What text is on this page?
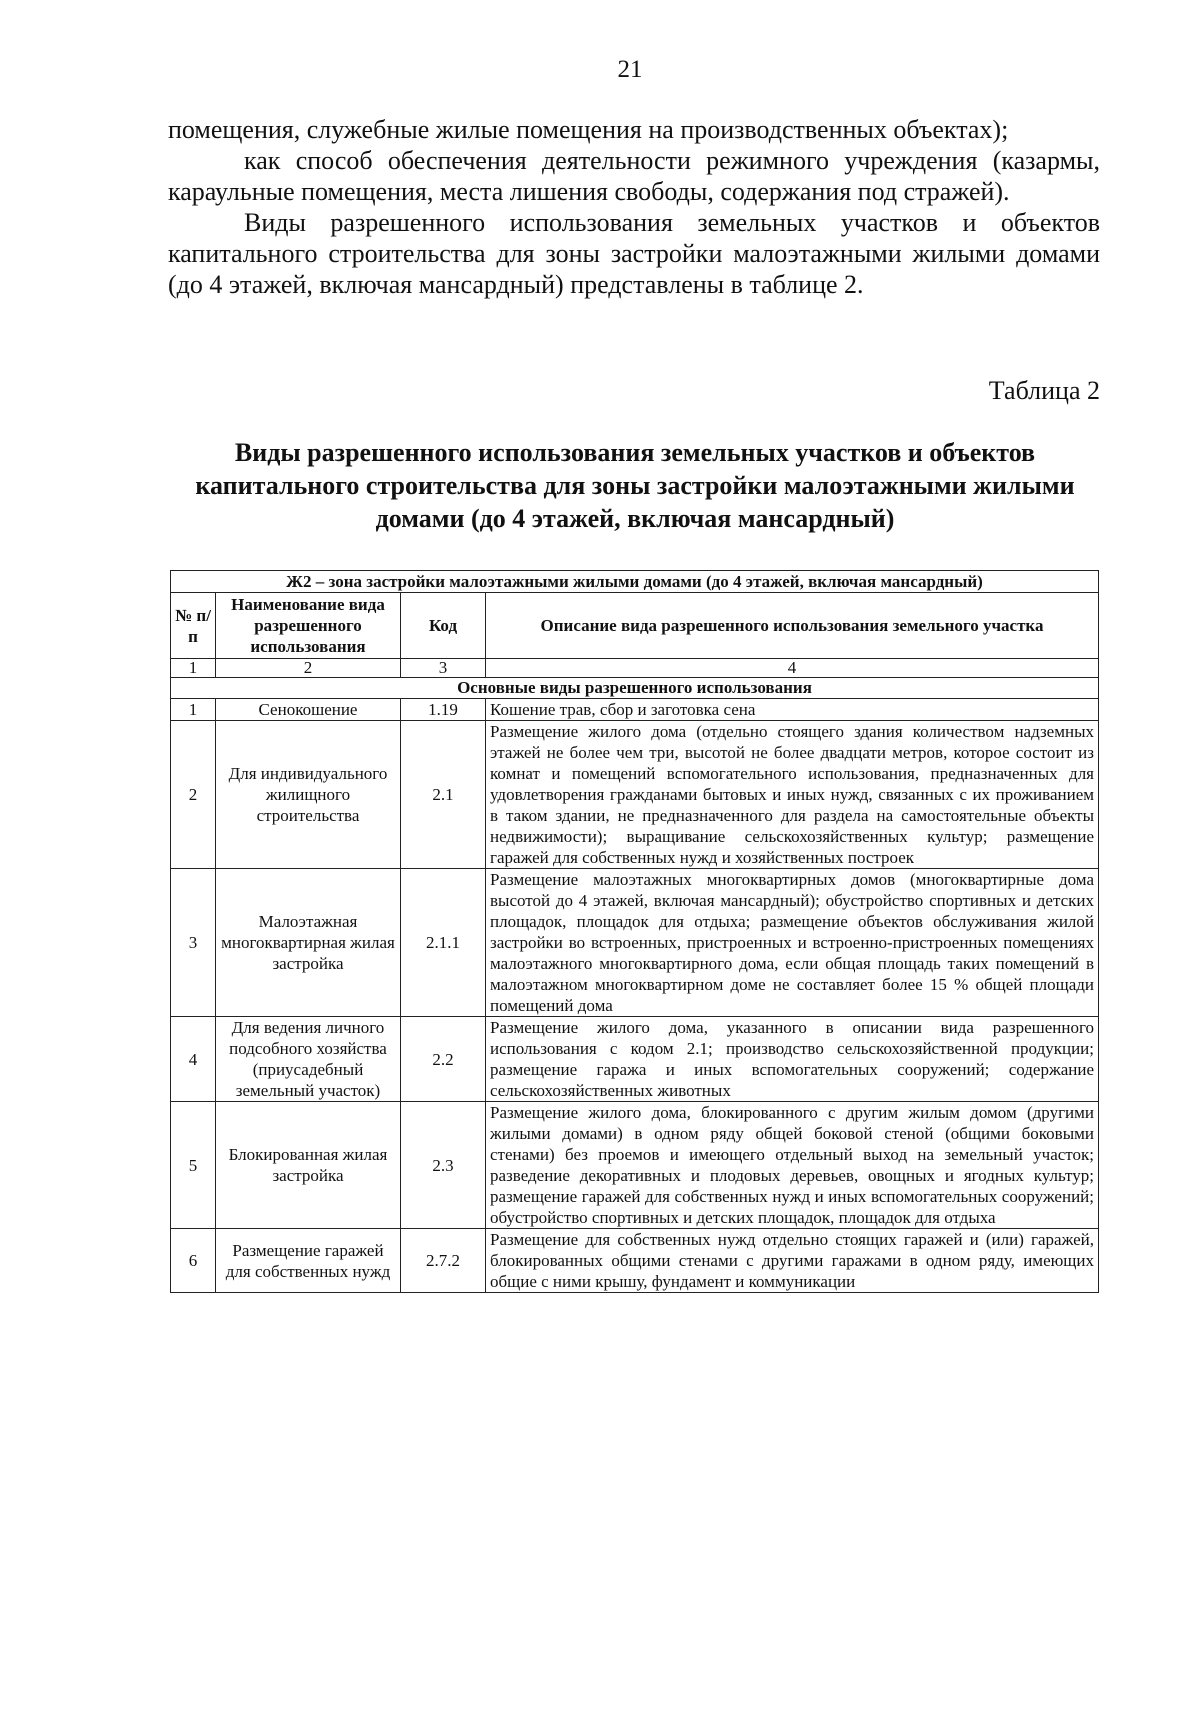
21

помещения, служебные жилые помещения на производственных объектах);

как способ обеспечения деятельности режимного учреждения (казармы, караульные помещения, места лишения свободы, содержания под стражей).

Виды разрешенного использования земельных участков и объектов капитального строительства для зоны застройки малоэтажными жилыми домами (до 4 этажей, включая мансардный) представлены в таблице 2.

Таблица 2
Виды разрешенного использования земельных участков и объектов капитального строительства для зоны застройки малоэтажными жилыми домами (до 4 этажей, включая мансардный)
Ж2 – зона застройки малоэтажными жилыми домами (до 4 этажей, включая мансардный)			
№ п/п	Наименование вида разрешенного использования	Код	Описание вида разрешенного использования земельного участка
1	2	3	4
Основные виды разрешенного использования			
1	Сенокошение	1.19	Кошение трав, сбор и заготовка сена
2	Для индивидуального жилищного строительства	2.1	Размещение жилого дома (отдельно стоящего здания количеством надземных этажей не более чем три, высотой не более двадцати метров, которое состоит из комнат и помещений вспомогательного использования, предназначенных для удовлетворения гражданами бытовых и иных нужд, связанных с их проживанием в таком здании, не предназначенного для раздела на самостоятельные объекты недвижимости); выращивание сельскохозяйственных культур; размещение гаражей для собственных нужд и хозяйственных построек
3	Малоэтажная многоквартирная жилая застройка	2.1.1	Размещение малоэтажных многоквартирных домов (многоквартирные дома высотой до 4 этажей, включая мансардный); обустройство спортивных и детских площадок, площадок для отдыха; размещение объектов обслуживания жилой застройки во встроенных, пристроенных и встроенно-пристроенных помещениях малоэтажного многоквартирного дома, если общая площадь таких помещений в малоэтажном многоквартирном доме не составляет более 15 % общей площади помещений дома
4	Для ведения личного подсобного хозяйства (приусадебный земельный участок)	2.2	Размещение жилого дома, указанного в описании вида разрешенного использования с кодом 2.1; производство сельскохозяйственной продукции; размещение гаража и иных вспомогательных сооружений; содержание сельскохозяйственных животных
5	Блокированная жилая застройка	2.3	Размещение жилого дома, блокированного с другим жилым домом (другими жилыми домами) в одном ряду общей боковой стеной (общими боковыми стенами) без проемов и имеющего отдельный выход на земельный участок; разведение декоративных и плодовых деревьев, овощных и ягодных культур; размещение гаражей для собственных нужд и иных вспомогательных сооружений; обустройство спортивных и детских площадок, площадок для отдыха
6	Размещение гаражей для собственных нужд	2.7.2	Размещение для собственных нужд отдельно стоящих гаражей и (или) гаражей, блокированных общими стенами с другими гаражами в одном ряду, имеющих общие с ними крышу, фундамент и коммуникации
